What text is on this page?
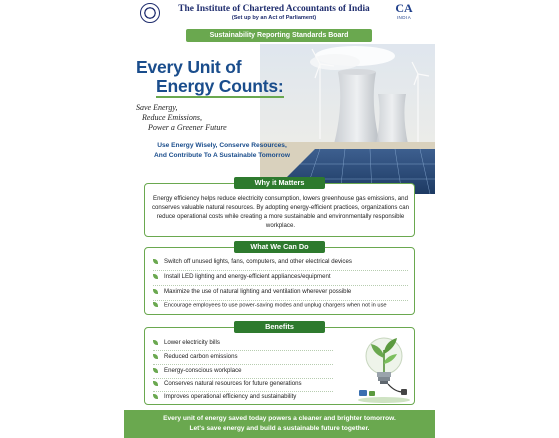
The Institute of Chartered Accountants of India
(Set up by an Act of Parliament)
CA
INDIA
Sustainability Reporting Standards Board
Every Unit of
Energy Counts:
Save Energy,
Reduce Emissions,
Power a Greener Future
Use Energy Wisely, Conserve Resources,
And Contribute To A Sustainable Tomorrow
Energy efficiency helps reduce electricity consumption, lowers greenhouse gas emissions, and conserves valuable natural resources. By adopting energy-efficient practices, organizations can reduce operational costs while creating a more sustainable and environmentally responsible workplace.
Why it Matters
Switch off unused lights, fans, computers, and other electrical devices
Install LED lighting and energy-efficient appliances/equipment
Maximize the use of natural lighting and ventilation wherever possible
Encourage employees to use power-saving modes and unplug chargers when not in use
What We Can Do
Lower electricity bills
Reduced carbon emissions
Energy-conscious workplace
Conserves natural resources for future generations
Improves operational efficiency and sustainability
Benefits
Every unit of energy saved today powers a cleaner and brighter tomorrow.
Let's save energy and build a sustainable future together.
